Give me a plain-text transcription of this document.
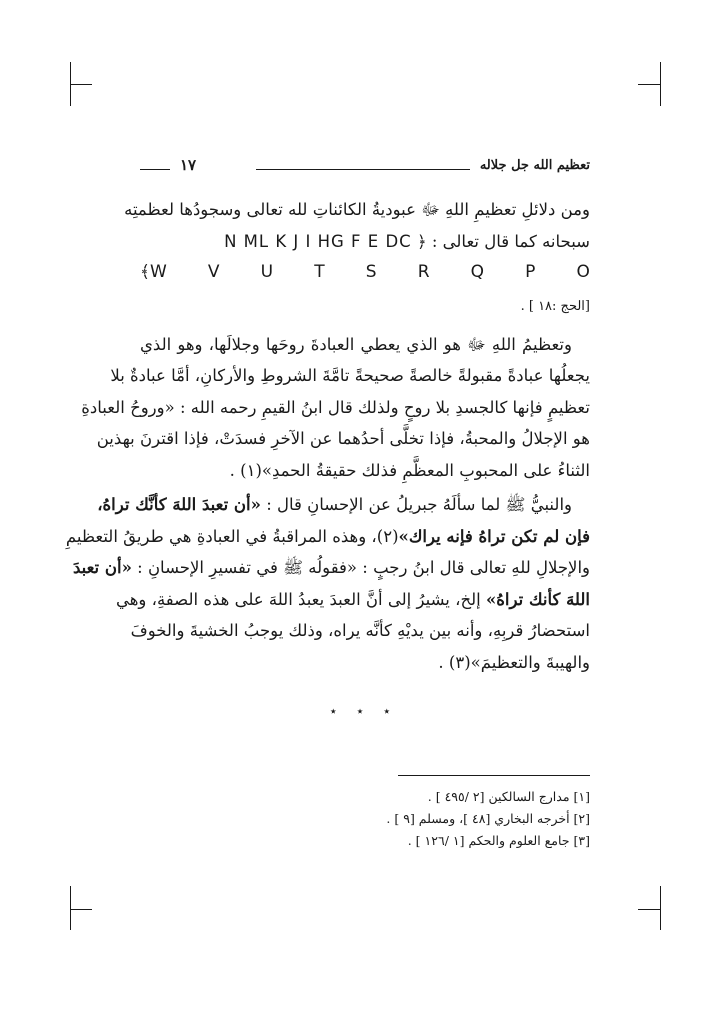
تعظيم الله جل جلاله
١٧

ومن دلائلِ تعظيمِ اللهِ ﷻ عبوديةُ الكائناتِ لله تعالى وسجودُها لعظمتِه
سبحانه كما قال تعالى : ﴿ N ML K J I HG F E DC
﴾W V U T S R Q P O
[الحج :١٨ ] .

وتعظيمُ اللهِ ﷻ هو الذي يعطي العبادةَ روحَها وجلالَها، وهو الذي
يجعلُها عبادةً مقبولةً خالصةً صحيحةً تامَّةَ الشروطِ والأركانِ، أمَّا عبادةٌ بلا
تعظيمٍ فإنها كالجسدِ بلا روحٍ ولذلك قال ابنُ القيمِ رحمه الله : «وروحُ العبادةِ
هو الإجلالُ والمحبةُ، فإذا تخلَّى أحدُهما عن الآخرِ فسدَتْ، فإذا اقترنَ بهذين
الثناءُ على المحبوبِ المعظَّمِ فذلك حقيقةُ الحمدِ»(١) .

والنبيُّ ﷺ لما سألَهُ جبريلُ عن الإحسانِ قال : «أن تعبدَ اللهَ كأنَّك تراهُ،
فإن لم تكن تراهُ فإنه يراك»(٢)، وهذه المراقبةُ في العبادةِ هي طريقُ التعظيمِ
والإجلالِ للهِ تعالى قال ابنُ رجبٍ : «فقولُه ﷺ في تفسيرِ الإحسانِ : «أن تعبدَ
اللهَ كأنك تراهُ» إلخ، يشيرُ إلى أنَّ العبدَ يعبدُ اللهَ على هذه الصفةِ، وهي
استحضارُ قربِهِ، وأنه بين يديْهِ كأنَّه يراه، وذلك يوجبُ الخشيةَ والخوفَ
والهيبةَ والتعظيمَ»(٣) .

٭ ٭ ٭
[١] مدارج السالكين [٢ /٤٩٥ ] .
[٢] أخرجه البخاري [٤٨ ]، ومسلم [٩ ] .
[٣] جامع العلوم والحكم [١ /١٢٦ ] .
